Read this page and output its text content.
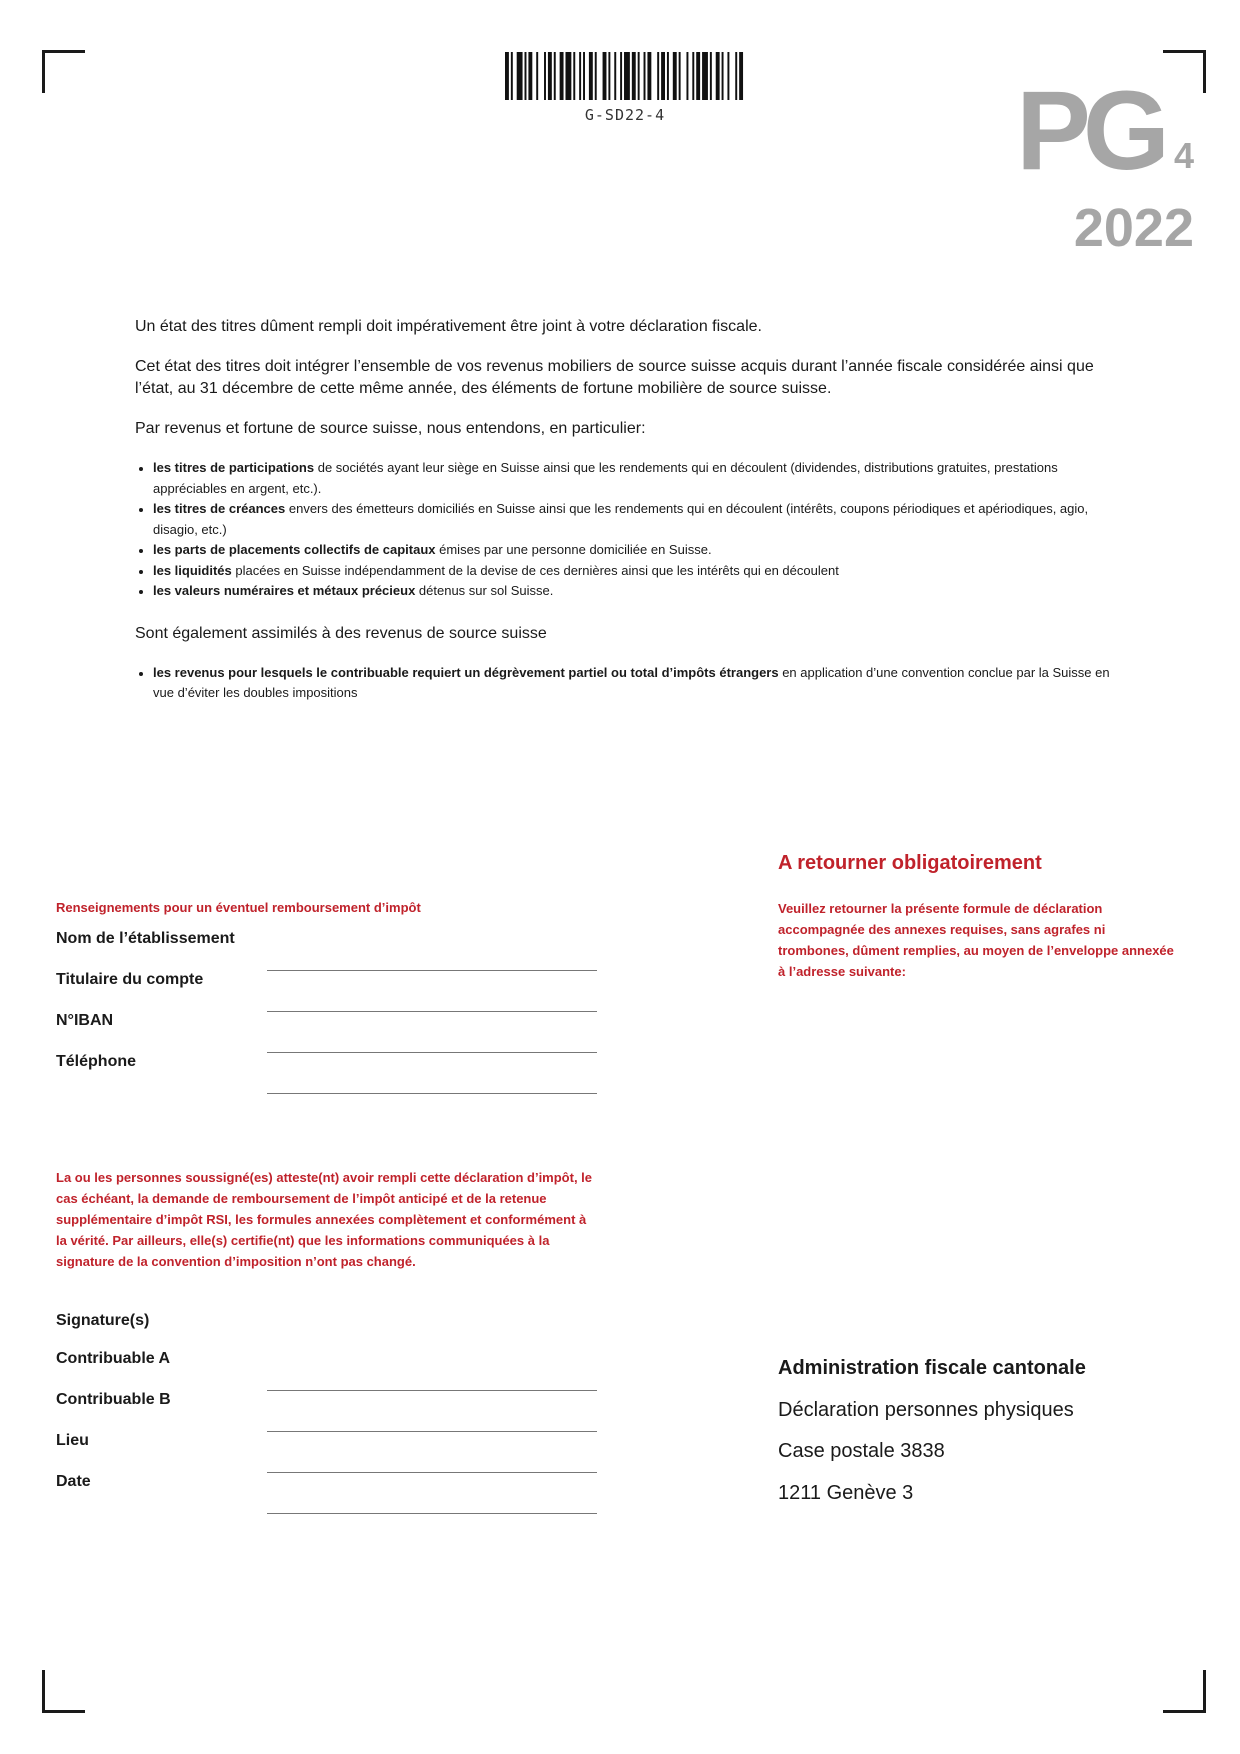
G-SD22-4	PG 4
2022

Un état des titres dûment rempli doit impérativement être joint à votre déclaration fiscale.

Cet état des titres doit intégrer l’ensemble de vos revenus mobiliers de source suisse acquis durant l’année fiscale considérée ainsi que l’état, au 31 décembre de cette même année, des éléments de fortune mobilière de source suisse.

Par revenus et fortune de source suisse, nous entendons, en particulier:

• les titres de participations de sociétés ayant leur siège en Suisse ainsi que les rendements qui en découlent (dividendes, distributions gratuites, prestations appréciables en argent, etc.).
• les titres de créances envers des émetteurs domiciliés en Suisse ainsi que les rendements qui en découlent (intérêts, coupons périodiques et apériodiques, agio, disagio, etc.)
• les parts de placements collectifs de capitaux émises par une personne domiciliée en Suisse.
• les liquidités placées en Suisse indépendamment de la devise de ces dernières ainsi que les intérêts qui en découlent
• les valeurs numéraires et métaux précieux détenus sur sol Suisse.

Sont également assimilés à des revenus de source suisse

• les revenus pour lesquels le contribuable requiert un dégrèvement partiel ou total d’impôts étrangers en application d’une convention conclue par la Suisse en vue d’éviter les doubles impositions
A retourner obligatoirement
Veuillez retourner la présente formule de déclaration accompagnée des annexes requises, sans agrafes ni trombones, dûment remplies, au moyen de l’enveloppe annexée à l’adresse suivante:
Renseignements pour un éventuel remboursement d’impôt
Nom de l’établissement
Titulaire du compte
N°IBAN
Téléphone
La ou les personnes soussigné(es) atteste(nt) avoir rempli cette déclaration d’impôt, le cas échéant, la demande de remboursement de l’impôt anticipé et de la retenue supplémentaire d’impôt RSI, les formules annexées complètement et conformément à la vérité. Par ailleurs, elle(s) certifie(nt) que les informations communiquées à la signature de la convention d’imposition n’ont pas changé.
Signature(s)
Contribuable A
Contribuable B
Lieu
Date
Administration fiscale cantonale
Déclaration personnes physiques
Case postale 3838
1211 Genève 3
